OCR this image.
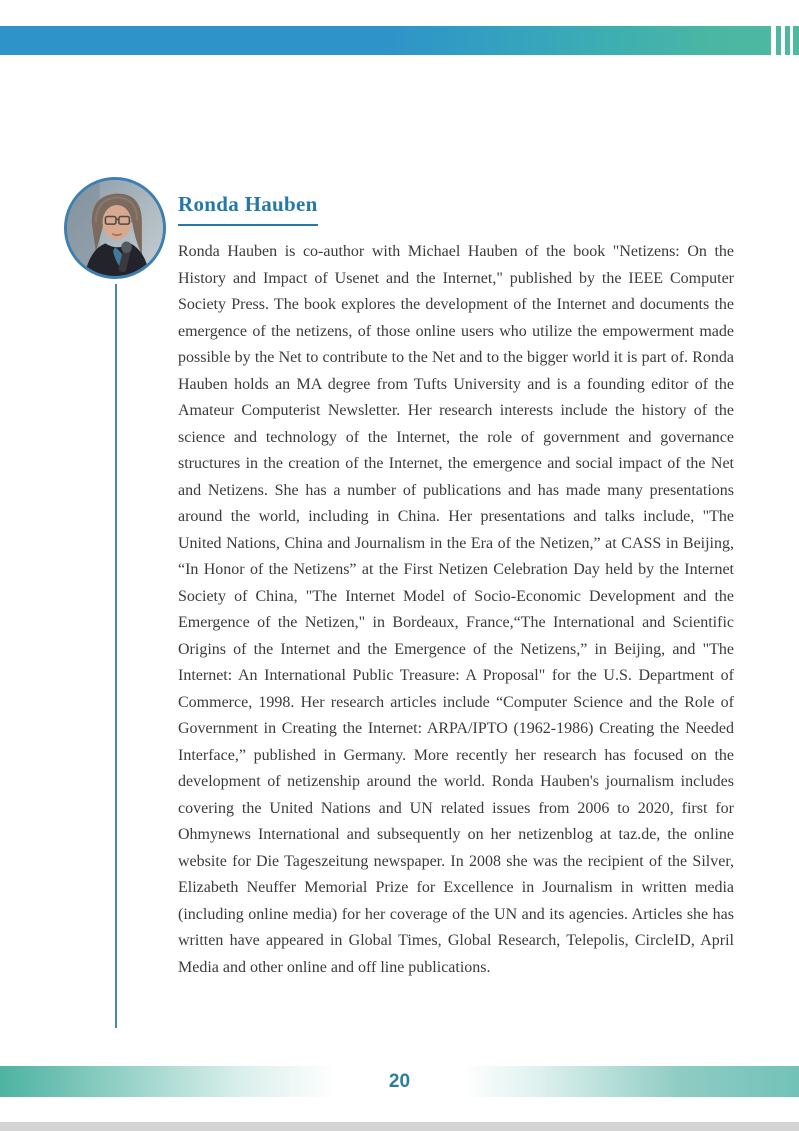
Ronda Hauben

Ronda Hauben is co-author with Michael Hauben of the book "Netizens: On the History and Impact of Usenet and the Internet," published by the IEEE Computer Society Press. The book explores the development of the Internet and documents the emergence of the netizens, of those online users who utilize the empowerment made possible by the Net to contribute to the Net and to the bigger world it is part of. Ronda Hauben holds an MA degree from Tufts University and is a founding editor of the Amateur Computerist Newsletter. Her research interests include the history of the science and technology of the Internet, the role of government and governance structures in the creation of the Internet, the emergence and social impact of the Net and Netizens. She has a number of publications and has made many presentations around the world, including in China. Her presentations and talks include, "The United Nations, China and Journalism in the Era of the Netizen,” at CASS in Beijing, “In Honor of the Netizens” at the First Netizen Celebration Day held by the Internet Society of China, "The Internet Model of Socio-Economic Development and the Emergence of the Netizen," in Bordeaux, France,“The International and Scientific Origins of the Internet and the Emergence of the Netizens,” in Beijing, and "The Internet: An International Public Treasure: A Proposal" for the U.S. Department of Commerce, 1998. Her research articles include “Computer Science and the Role of Government in Creating the Internet: ARPA/IPTO (1962-1986) Creating the Needed Interface,” published in Germany. More recently her research has focused on the development of netizenship around the world. Ronda Hauben's journalism includes covering the United Nations and UN related issues from 2006 to 2020, first for Ohmynews International and subsequently on her netizenblog at taz.de, the online website for Die Tageszeitung newspaper. In 2008 she was the recipient of the Silver, Elizabeth Neuffer Memorial Prize for Excellence in Journalism in written media (including online media) for her coverage of the UN and its agencies. Articles she has written have appeared in Global Times, Global Research, Telepolis, CircleID, April Media and other online and off line publications.

20
